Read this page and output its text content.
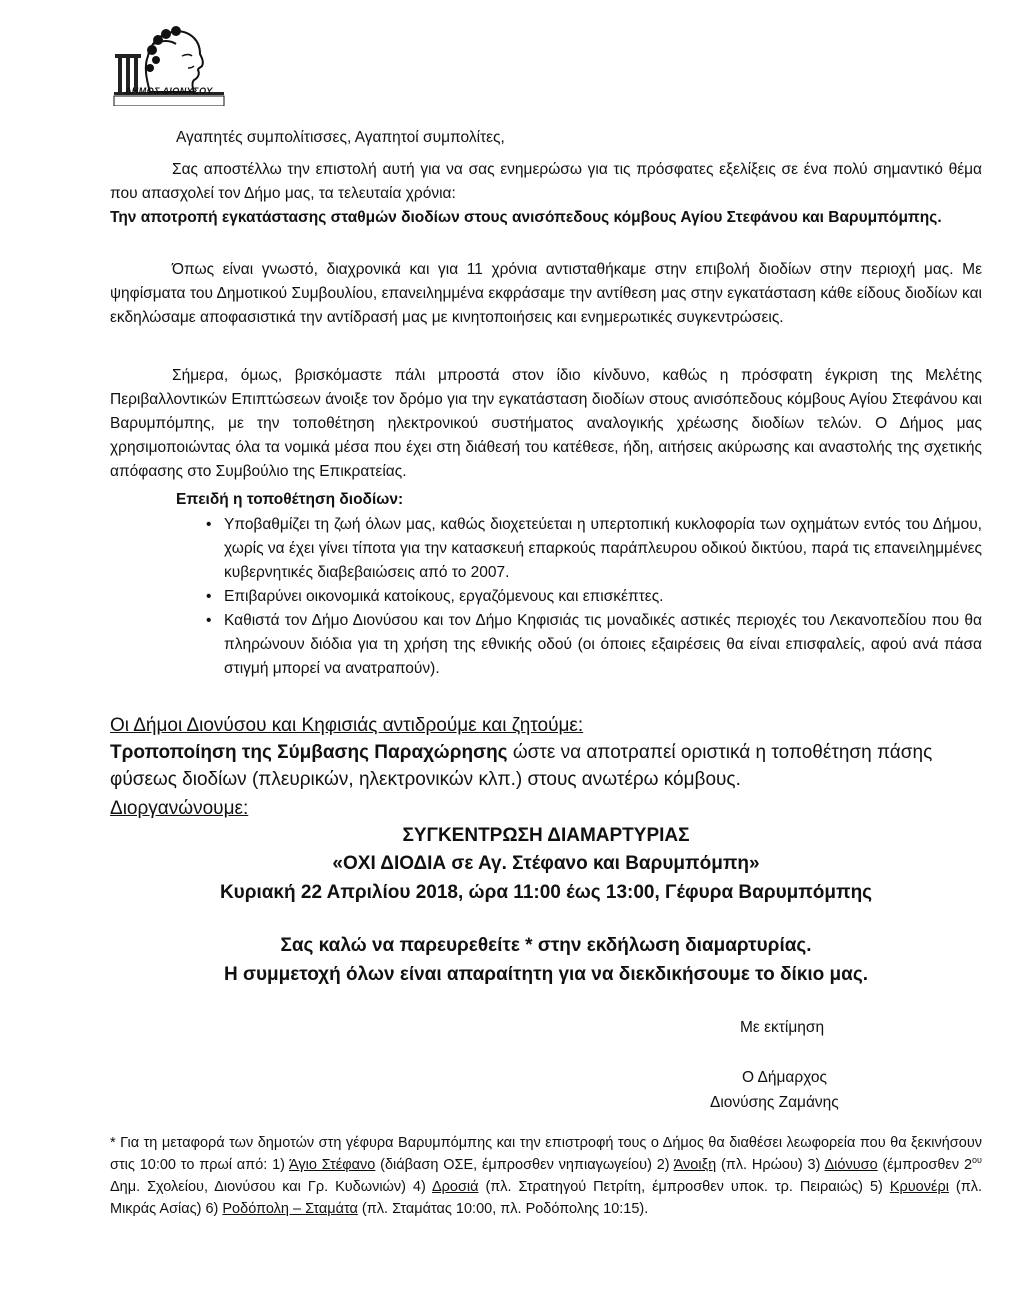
ΔΗΜΟΣ ΔΙΟΝΥΣΟΥ
Αγαπητές συμπολίτισσες, Αγαπητοί συμπολίτες,
Σας αποστέλλω την επιστολή αυτή για να σας ενημερώσω για τις πρόσφατες εξελίξεις σε ένα πολύ σημαντικό θέμα που απασχολεί τον Δήμο μας, τα τελευταία χρόνια:
Την αποτροπή εγκατάστασης σταθμών διοδίων στους ανισόπεδους κόμβους Αγίου Στεφάνου και Βαρυμπόμπης.
Όπως είναι γνωστό, διαχρονικά και για 11 χρόνια αντισταθήκαμε στην επιβολή διοδίων στην περιοχή μας. Με ψηφίσματα του Δημοτικού Συμβουλίου, επανειλημμένα εκφράσαμε την αντίθεση μας στην εγκατάσταση κάθε είδους διοδίων και εκδηλώσαμε αποφασιστικά την αντίδρασή μας με κινητοποιήσεις και ενημερωτικές συγκεντρώσεις.
Σήμερα, όμως, βρισκόμαστε πάλι μπροστά στον ίδιο κίνδυνο, καθώς η πρόσφατη έγκριση της Μελέτης Περιβαλλοντικών Επιπτώσεων άνοιξε τον δρόμο για την εγκατάσταση διοδίων στους ανισόπεδους κόμβους Αγίου Στεφάνου και Βαρυμπόμπης, με την τοποθέτηση ηλεκτρονικού συστήματος αναλογικής χρέωσης διοδίων τελών. Ο Δήμος μας χρησιμοποιώντας όλα τα νομικά μέσα που έχει στη διάθεσή του κατέθεσε, ήδη, αιτήσεις ακύρωσης και αναστολής της σχετικής απόφασης στο Συμβούλιο της Επικρατείας.
Επειδή η τοποθέτηση διοδίων:
• Υποβαθμίζει τη ζωή όλων μας, καθώς διοχετεύεται η υπερτοπική κυκλοφορία των οχημάτων εντός του Δήμου, χωρίς να έχει γίνει τίποτα για την κατασκευή επαρκούς παράπλευρου οδικού δικτύου, παρά τις επανειλημμένες κυβερνητικές διαβεβαιώσεις από το 2007.
• Επιβαρύνει οικονομικά κατοίκους, εργαζόμενους και επισκέπτες.
• Καθιστά τον Δήμο Διονύσου και τον Δήμο Κηφισιάς τις μοναδικές αστικές περιοχές του Λεκανοπεδίου που θα πληρώνουν διόδια για τη χρήση της εθνικής οδού (οι όποιες εξαιρέσεις θα είναι επισφαλείς, αφού ανά πάσα στιγμή μπορεί να ανατραπούν).
Οι Δήμοι Διονύσου και Κηφισιάς αντιδρούμε και ζητούμε:
Τροποποίηση της Σύμβασης Παραχώρησης ώστε να αποτραπεί οριστικά η τοποθέτηση πάσης φύσεως διοδίων (πλευρικών, ηλεκτρονικών κλπ.) στους ανωτέρω κόμβους.
Διοργανώνουμε:
ΣΥΓΚΕΝΤΡΩΣΗ ΔΙΑΜΑΡΤΥΡΙΑΣ
«ΟΧΙ ΔΙΟΔΙΑ σε Αγ. Στέφανο και Βαρυμπόμπη»
Κυριακή 22 Απριλίου 2018, ώρα 11:00 έως 13:00, Γέφυρα Βαρυμπόμπης
Σας καλώ να παρευρεθείτε * στην εκδήλωση διαμαρτυρίας.
Η συμμετοχή όλων είναι απαραίτητη για να διεκδικήσουμε το δίκιο μας.
Με εκτίμηση
Ο Δήμαρχος
Διονύσης Ζαμάνης
* Για τη μεταφορά των δημοτών στη γέφυρα Βαρυμπόμπης και την επιστροφή τους ο Δήμος θα διαθέσει λεωφορεία που θα ξεκινήσουν στις 10:00 το πρωί από: 1) Άγιο Στέφανο (διάβαση ΟΣΕ, έμπροσθεν νηπιαγωγείου) 2) Άνοιξη (πλ. Ηρώου) 3) Διόνυσο (έμπροσθεν $2^{o\upsilon}$ Δημ. Σχολείου, Διονύσου και Γρ. Κυδωνιών) 4) Δροσιά (πλ. Στρατηγού Πετρίτη, έμπροσθεν υποκ. τρ. Πειραιώς) 5) Κρυονέρι (πλ. Μικράς Ασίας) 6) Ροδόπολη – Σταμάτα (πλ. Σταμάτας 10:00, πλ. Ροδόπολης 10:15).
